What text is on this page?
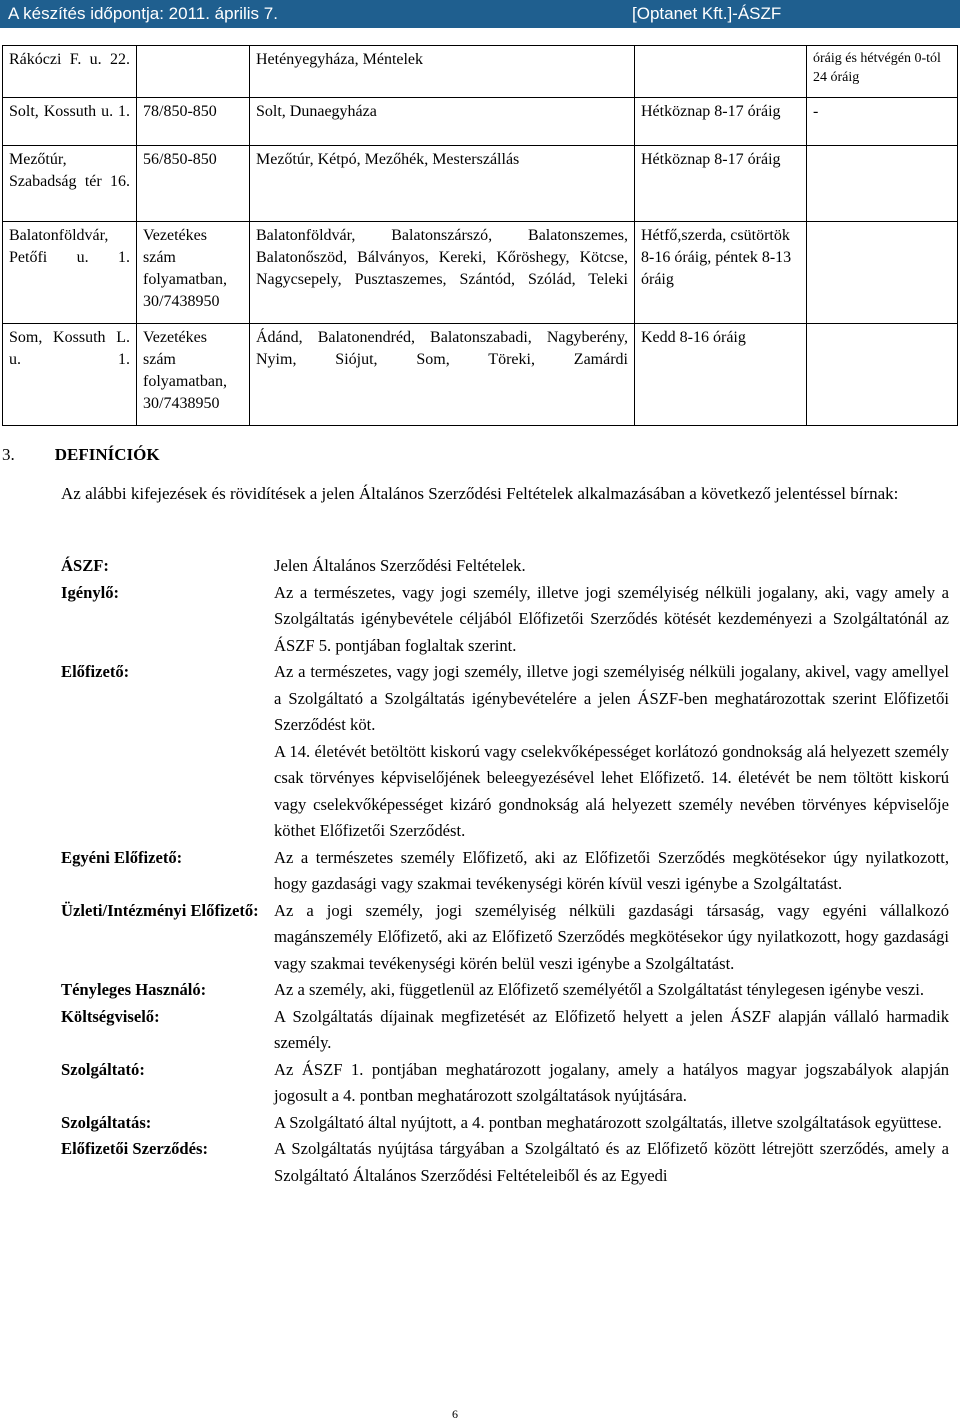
A készítés időpontja: 2011. április 7.	[Optanet Kft.]-ÁSZF
Rákóczi F. u. 22.		Hetényegyháza, Méntelek		óráig és hétvégén 0-tól 24 óráig
Solt, Kossuth u. 1.	78/850-850	Solt, Dunaegyháza	Hétköznap 8-17 óráig	-
Mezőtúr, Szabadság tér 16.	56/850-850	Mezőtúr, Kétpó, Mezőhék, Mesterszállás	Hétköznap 8-17 óráig	
Balatonföldvár, Petőfi u. 1.	Vezetékes szám folyamatban, 30/7438950	Balatonföldvár, Balatonszárszó, Balatonszemes, Balatonőszöd, Bálványos, Kereki, Kőröshegy, Kötcse, Nagycsepely, Pusztaszemes, Szántód, Szólád, Teleki	Hétfő,szerda, csütörtök 8-16 óráig, péntek 8-13 óráig	
Som, Kossuth L. u. 1.	Vezetékes szám folyamatban, 30/7438950	Ádánd, Balatonendréd, Balatonszabadi, Nagyberény, Nyim, Siójut, Som, Töreki, Zamárdi	Kedd 8-16 óráig	
3. DEFINÍCIÓK
Az alábbi kifejezések és rövidítések a jelen Általános Szerződési Feltételek alkalmazásában a következő jelentéssel bírnak:
ÁSZF:	Jelen Általános Szerződési Feltételek.

Igénylő:	Az a természetes, vagy jogi személy, illetve jogi személyiség nélküli jogalany, aki, vagy amely a Szolgáltatás igénybevétele céljából Előfizetői Szerződés kötését kezdeményezi a Szolgáltatónál az ÁSZF 5. pontjában foglaltak szerint.

Előfizető:	Az a természetes, vagy jogi személy, illetve jogi személyiség nélküli jogalany, akivel, vagy amellyel a Szolgáltató a Szolgáltatás igénybevételére a jelen ÁSZF-ben meghatározottak szerint Előfizetői Szerződést köt.

A 14. életévét betöltött kiskorú vagy cselekvőképességet korlátozó gondnokság alá helyezett személy csak törvényes képviselőjének beleegyezésével lehet Előfizető. 14. életévét be nem töltött kiskorú vagy cselekvőképességet kizáró gondnokság alá helyezett személy nevében törvényes képviselője köthet Előfizetői Szerződést.

Egyéni Előfizető:	Az a természetes személy Előfizető, aki az Előfizetői Szerződés megkötésekor úgy nyilatkozott, hogy gazdasági vagy szakmai tevékenységi körén kívül veszi igénybe a Szolgáltatást.

Üzleti/Intézményi Előfizető: Az a jogi személy, jogi személyiség nélküli gazdasági társaság, vagy egyéni vállalkozó magánszemély Előfizető, aki az Előfizető Szerződés megkötésekor úgy nyilatkozott, hogy gazdasági vagy szakmai tevékenységi körén belül veszi igénybe a Szolgáltatást.

Tényleges Használó:	Az a személy, aki, függetlenül az Előfizető személyétől a Szolgáltatást ténylegesen igénybe veszi.

Költségviselő:	A Szolgáltatás díjainak megfizetését az Előfizető helyett a jelen ÁSZF alapján vállaló harmadik személy.

Szolgáltató:	Az ÁSZF 1. pontjában meghatározott jogalany, amely a hatályos magyar jogszabályok alapján jogosult a 4. pontban meghatározott szolgáltatások nyújtására.

Szolgáltatás:	A Szolgáltató által nyújtott, a 4. pontban meghatározott szolgáltatás, illetve szolgáltatások együttese.

Előfizetői Szerződés:	A Szolgáltatás nyújtása tárgyában a Szolgáltató és az Előfizető között létrejött szerződés, amely a Szolgáltató Általános Szerződési Feltételeiből és az Egyedi

6
